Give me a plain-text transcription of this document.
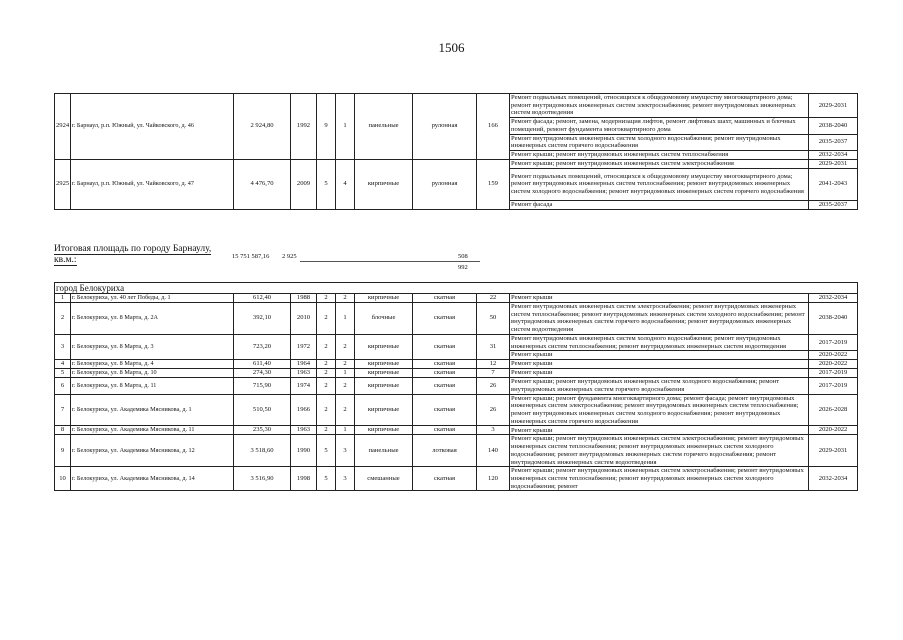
1506
2924	г. Барнаул, р.п. Южный, ул. Чайковского, д. 46	2 924,80	1992	9	1	панельные	рулонная	166	Ремонт подвальных помещений, относящихся к общедомовому имуществу многоквартирного дома; ремонт внутридомовых инженерных систем электроснабжения; ремонт внутридомовых инженерных систем водоотведения	2029-2031
									Ремонт фасада; ремонт, замена, модернизация лифтов, ремонт лифтовых шахт, машинных и блочных помещений, ремонт фундамента многоквартирного дома	2038-2040
									Ремонт внутридомовых инженерных систем холодного водоснабжения; ремонт внутридомовых инженерных систем горячего водоснабжения	2035-2037
									Ремонт крыши; ремонт внутридомовых инженерных систем теплоснабжения	2032-2034
2925	г. Барнаул, р.п. Южный, ул. Чайковского, д. 47	4 476,70	2009	5	4	кирпичные	рулонная	159	Ремонт крыши; ремонт внутридомовых инженерных систем электроснабжения	2029-2031
									Ремонт подвальных помещений, относящихся к общедомовому имуществу многоквартирного дома; ремонт внутридомовых инженерных систем теплоснабжения; ремонт внутридомовых инженерных систем холодного водоснабжения; ремонт внутридомовых инженерных систем горячего водоснабжения	2041-2043
									Ремонт фасада	2035-2037
Итоговая площадь по городу Барнаулу,
кв.м.:	15 751 587,16 2 925	508 992
город Белокуриха										
1	г. Белокуриха, ул. 40 лет Победы, д. 1	612,40	1988	2	2	кирпичные	скатная	22	Ремонт крыши	2032-2034
2	г. Белокуриха, ул. 8 Марта, д. 2А	392,10	2010	2	1	блочные	скатная	50	Ремонт внутридомовых инженерных систем электроснабжения; ремонт внутридомовых инженерных систем теплоснабжения; ремонт внутридомовых инженерных систем холодного водоснабжения; ремонт внутридомовых инженерных систем горячего водоснабжения; ремонт внутридомовых инженерных систем водоотведения	2038-2040
3	г. Белокуриха, ул. 8 Марта, д. 3	723,20	1972	2	2	кирпичные	скатная	31	Ремонт внутридомовых инженерных систем холодного водоснабжения; ремонт внутридомовых инженерных систем теплоснабжения; ремонт внутридомовых инженерных систем водоотведения	2017-2019
									Ремонт крыши	2020-2022
4	г. Белокуриха, ул. 8 Марта, д. 4	611,40	1964	2	2	кирпичные	скатная	12	Ремонт крыши	2020-2022
5	г. Белокуриха, ул. 8 Марта, д. 10	274,30	1963	2	1	кирпичные	скатная	7	Ремонт крыши	2017-2019
6	г. Белокуриха, ул. 8 Марта, д. 11	715,90	1974	2	2	кирпичные	скатная	26	Ремонт крыши; ремонт внутридомовых инженерных систем холодного водоснабжения; ремонт внутридомовых инженерных систем горячего водоснабжения	2017-2019
7	г. Белокуриха, ул. Академика Мясникова, д. 1	510,50	1966	2	2	кирпичные	скатная	26	Ремонт крыши; ремонт фундамента многоквартирного дома; ремонт фасада; ремонт внутридомовых инженерных систем электроснабжения; ремонт внутридомовых инженерных систем теплоснабжения; ремонт внутридомовых инженерных систем холодного водоснабжения; ремонт внутридомовых инженерных систем горячего водоснабжения	2026-2028
8	г. Белокуриха, ул. Академика Мясникова, д. 11	235,30	1963	2	1	кирпичные	скатная	3	Ремонт крыши	2020-2022
9	г. Белокуриха, ул. Академика Мясникова, д. 12	3 518,60	1990	5	3	панельные	лотковая	140	Ремонт крыши; ремонт внутридомовых инженерных систем электроснабжения; ремонт внутридомовых инженерных систем теплоснабжения; ремонт внутридомовых инженерных систем холодного водоснабжения; ремонт внутридомовых инженерных систем горячего водоснабжения; ремонт внутридомовых инженерных систем водоотведения	2029-2031
10	г. Белокуриха, ул. Академика Мясникова, д. 14	3 516,90	1998	5	3	смешанные	скатная	120	Ремонт крыши; ремонт внутридомовых инженерных систем электроснабжения; ремонт внутридомовых инженерных систем теплоснабжения; ремонт внутридомовых инженерных систем холодного водоснабжения; ремонт	2032-2034
